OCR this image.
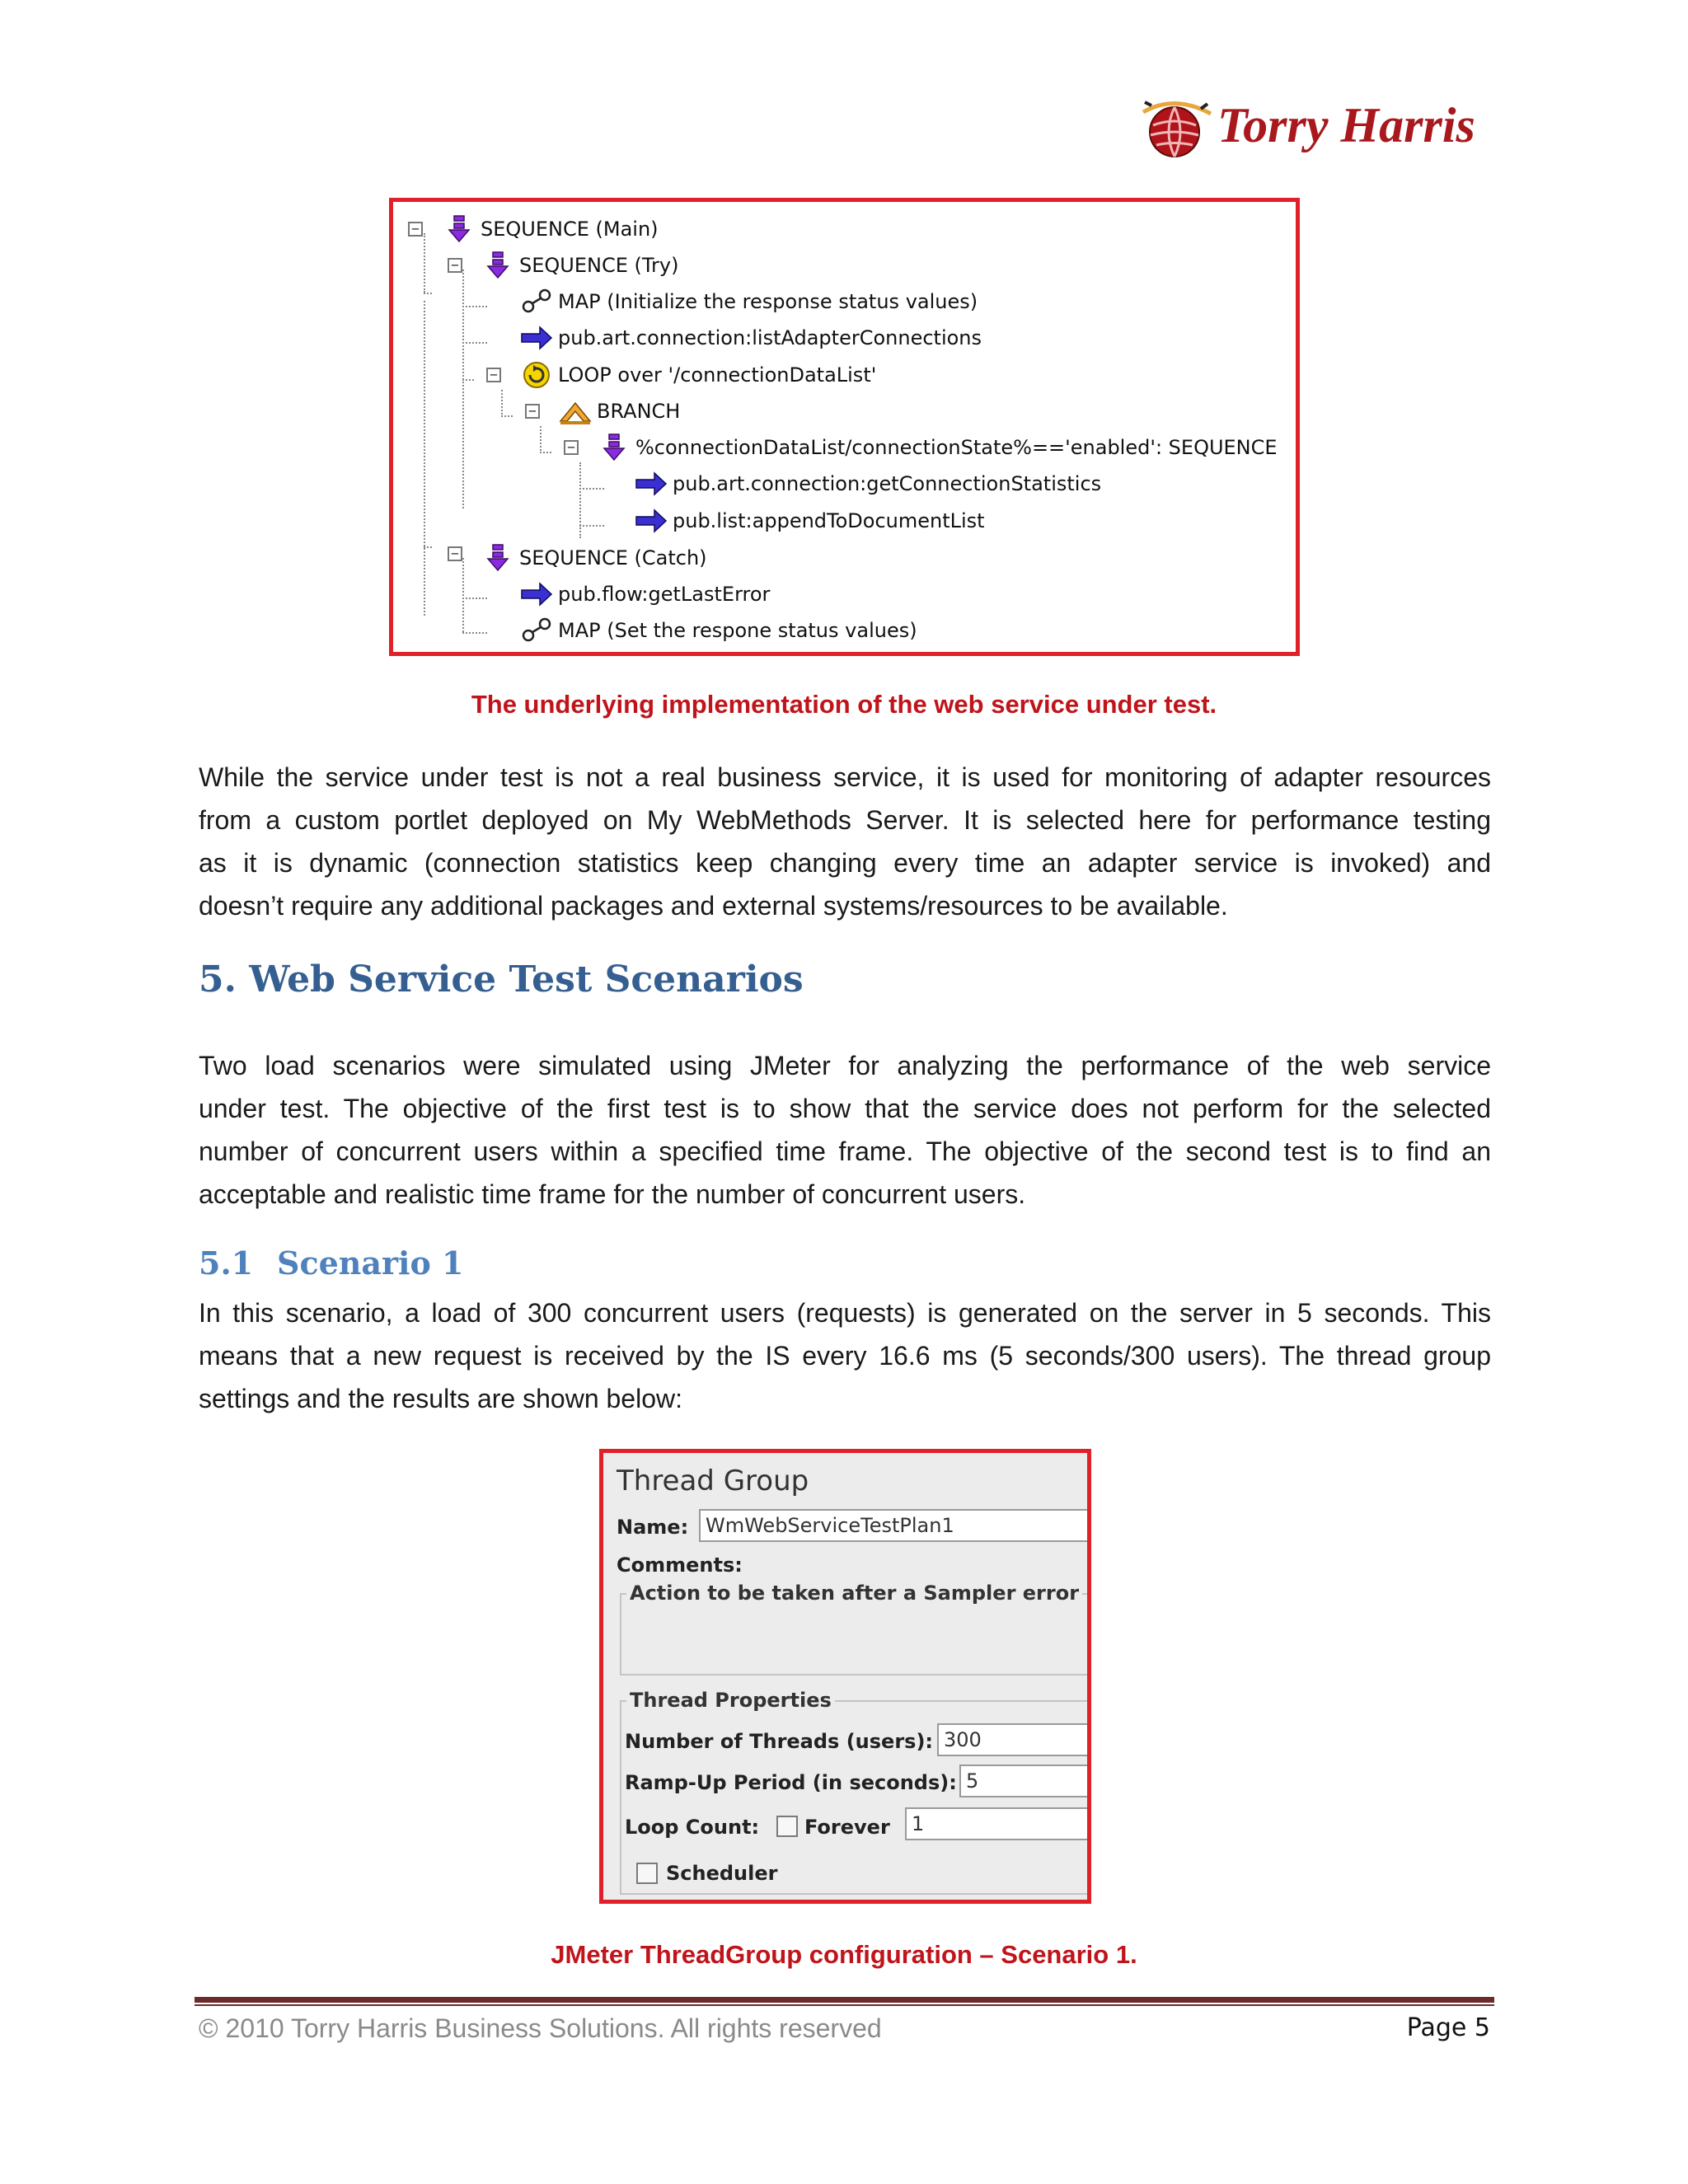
Torry Harris
−
−
−
−
−
−
SEQUENCE (Main)
SEQUENCE (Try)
MAP (Initialize the response status values)
pub.art.connection:listAdapterConnections
LOOP over '/connectionDataList'
BRANCH
%connectionDataList/connectionState%=='enabled': SEQUENCE
pub.art.connection:getConnectionStatistics
pub.list:appendToDocumentList
SEQUENCE (Catch)
pub.flow:getLastError
MAP (Set the respone status values)
The underlying implementation of the web service under test.
While the service under test is not a real business service, it is used for monitoring of adapter resources
from a custom portlet deployed on My WebMethods Server. It is selected here for performance testing
as it is dynamic (connection statistics keep changing every time an adapter service is invoked) and
doesn’t require any additional packages and external systems/resources to be available.
5. Web Service Test Scenarios
Two load scenarios were simulated using JMeter for analyzing the performance of the web service
under test. The objective of the first test is to show that the service does not perform for the selected
number of concurrent users within a specified time frame. The objective of the second test is to find an
acceptable and realistic time frame for the number of concurrent users.
5.1 Scenario 1
In this scenario, a load of 300 concurrent users (requests) is generated on the server in 5 seconds. This
means that a new request is received by the IS every 16.6 ms (5 seconds/300 users). The thread group
settings and the results are shown below:
Thread Group
Name: WmWebServiceTestPlan1
Comments:
Action to be taken after a Sampler error
Thread Properties
Number of Threads (users): 300
Ramp-Up Period (in seconds): 5
Loop Count: Forever	1
Scheduler
JMeter ThreadGroup configuration – Scenario 1.
© 2010 Torry Harris Business Solutions. All rights reserved	Page 5
